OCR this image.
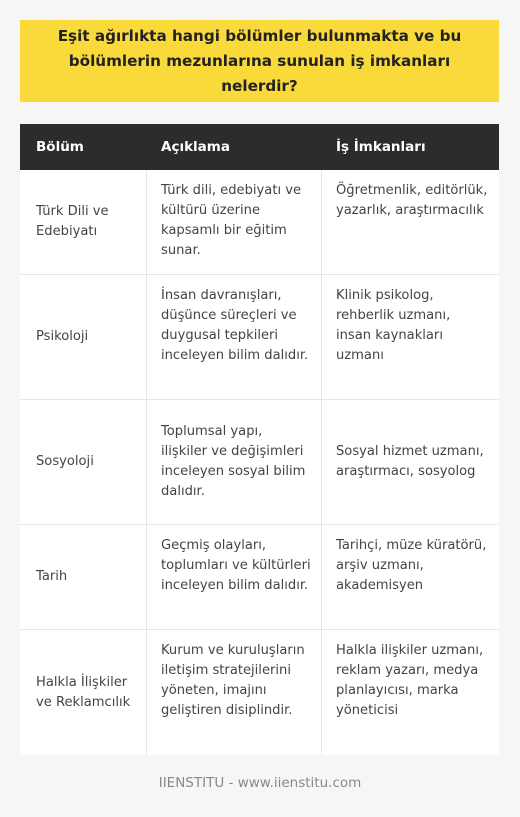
Eşit ağırlıkta hangi bölümler bulunmakta ve bu bölümlerin mezunlarına sunulan iş imkanları nelerdir?
Bölüm	Açıklama	İş İmkanları
Türk Dili ve Edebiyatı
Türk dili, edebiyatı ve kültürü üzerine kapsamlı bir eğitim sunar.
Öğretmenlik, editörlük, yazarlık, araştırmacılık
Psikoloji
İnsan davranışları, düşünce süreçleri ve duygusal tepkileri inceleyen bilim dalıdır.
Klinik psikolog, rehberlik uzmanı, insan kaynakları uzmanı
Sosyoloji
Toplumsal yapı, ilişkiler ve değişimleri inceleyen sosyal bilim dalıdır.
Sosyal hizmet uzmanı, araştırmacı, sosyolog
Tarih
Geçmiş olayları, toplumları ve kültürleri inceleyen bilim dalıdır.
Tarihçi, müze küratörü, arşiv uzmanı, akademisyen
Halkla İlişkiler ve Reklamcılık
Kurum ve kuruluşların iletişim stratejilerini yöneten, imajını geliştiren disiplindir.
Halkla ilişkiler uzmanı, reklam yazarı, medya planlayıcısı, marka yöneticisi
IIENSTITU - www.iienstitu.com
